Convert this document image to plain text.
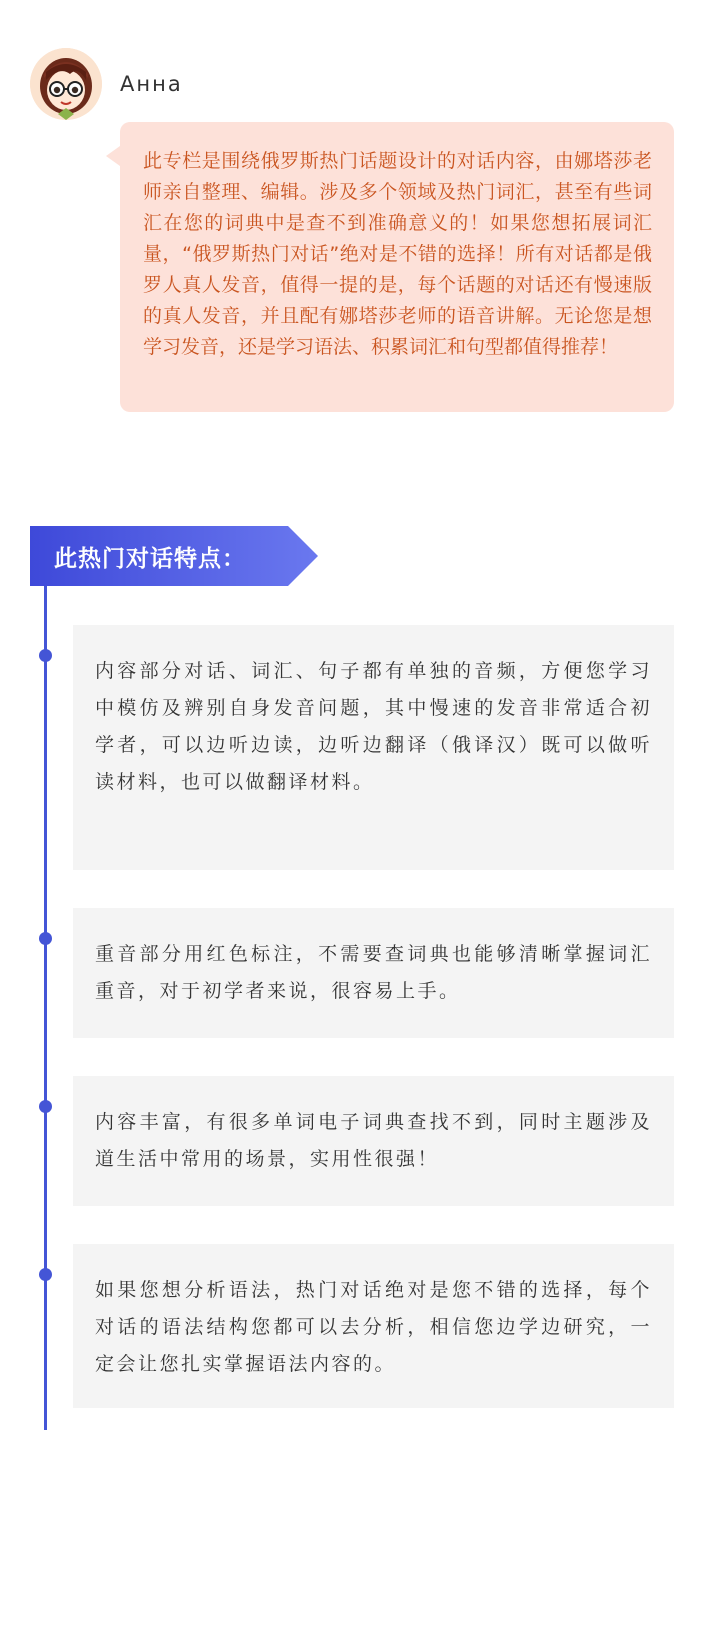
Анна

此专栏是围绕俄罗斯热门话题设计的对话内容，由娜塔莎老师亲自整理、编辑。涉及多个领域及热门词汇，甚至有些词汇在您的词典中是查不到准确意义的！如果您想拓展词汇量，“俄罗斯热门对话”绝对是不错的选择！所有对话都是俄罗人真人发音，值得一提的是，每个话题的对话还有慢速版的真人发音，并且配有娜塔莎老师的语音讲解。无论您是想学习发音，还是学习语法、积累词汇和句型都值得推荐！

此热门对话特点：

内容部分对话、词汇、句子都有单独的音频，方便您学习中模仿及辨别自身发音问题，其中慢速的发音非常适合初学者，可以边听边读，边听边翻译（俄译汉）既可以做听读材料，也可以做翻译材料。

重音部分用红色标注，不需要查词典也能够清晰掌握词汇重音，对于初学者来说，很容易上手。

内容丰富，有很多单词电子词典查找不到，同时主题涉及道生活中常用的场景，实用性很强！

如果您想分析语法，热门对话绝对是您不错的选择，每个对话的语法结构您都可以去分析，相信您边学边研究，一定会让您扎实掌握语法内容的。
